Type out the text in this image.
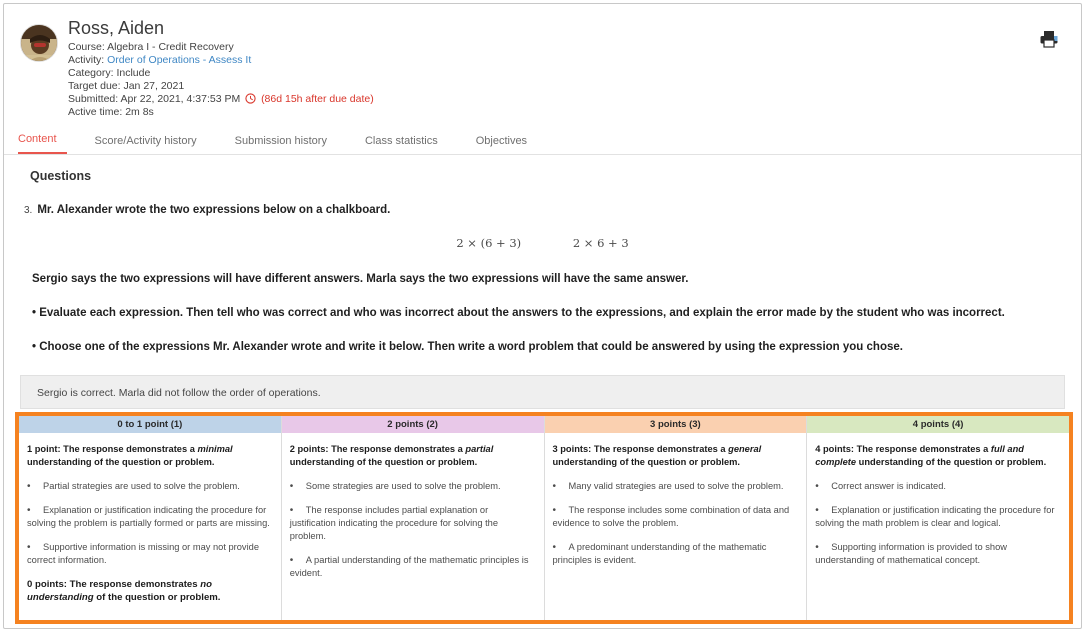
Ross, Aiden
Course: Algebra I - Credit Recovery
Activity: Order of Operations - Assess It
Category: Include
Target due: Jan 27, 2021
Submitted: Apr 22, 2021, 4:37:53 PM (86d 15h after due date)
Active time: 2m 8s
Content	Score/Activity history	Submission history	Class statistics	Objectives
Questions
3. Mr. Alexander wrote the two expressions below on a chalkboard.
2 × (6 + 3)	2 × 6 + 3
Sergio says the two expressions will have different answers. Marla says the two expressions will have the same answer.
• Evaluate each expression. Then tell who was correct and who was incorrect about the answers to the expressions, and explain the error made by the student who was incorrect.
• Choose one of the expressions Mr. Alexander wrote and write it below. Then write a word problem that could be answered by using the expression you chose.
Sergio is correct. Marla did not follow the order of operations.
0 to 1 point (1)
1 point: The response demonstrates a minimal understanding of the question or problem.
• Partial strategies are used to solve the problem.
• Explanation or justification indicating the procedure for solving the problem is partially formed or parts are missing.
• Supportive information is missing or may not provide correct information.
0 points: The response demonstrates no understanding of the question or problem.
2 points (2)
2 points: The response demonstrates a partial understanding of the question or problem.
• Some strategies are used to solve the problem.
• The response includes partial explanation or justification indicating the procedure for solving the problem.
• A partial understanding of the mathematic principles is evident.
3 points (3)
3 points: The response demonstrates a general understanding of the question or problem.
• Many valid strategies are used to solve the problem.
• The response includes some combination of data and evidence to solve the problem.
• A predominant understanding of the mathematic principles is evident.
4 points (4)
4 points: The response demonstrates a full and complete understanding of the question or problem.
• Correct answer is indicated.
• Explanation or justification indicating the procedure for solving the math problem is clear and logical.
• Supporting information is provided to show understanding of mathematical concept.
